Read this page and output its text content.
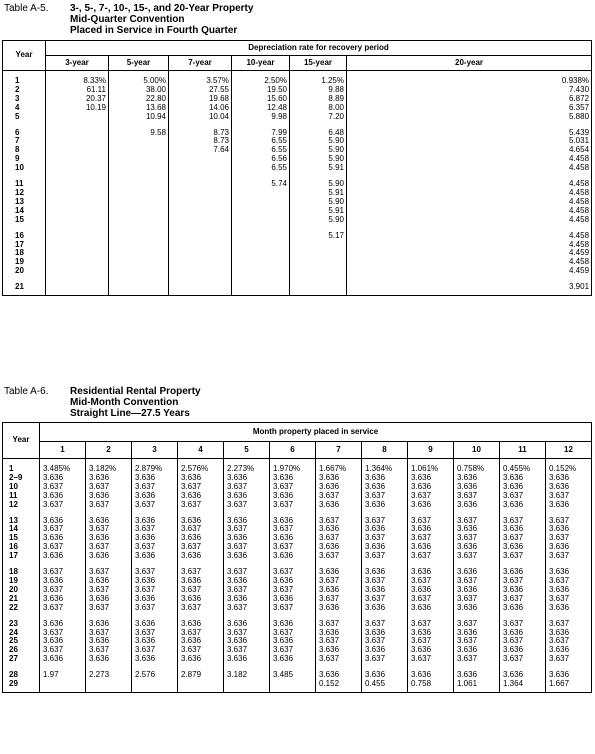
Table A-5. 3-, 5-, 7-, 10-, 15-, and 20-Year Property
Mid-Quarter Convention
Placed in Service in Fourth Quarter
Year	Depreciation rate for recovery period						
	3-year	5-year	7-year	10-year	15-year	20-year	

1	8.33%	5.00%	3.57%	2.50%	1.25%	0.938%	
2	61.11	38.00	27.55	19.50	9.88	7.430	
3	20.37	22.80	19.68	15.60	8.89	6.872	
4	10.19	13.68	14.06	12.48	8.00	6.357	
5		10.94	10.04	9.98	7.20	5.880	

6		9.58	8.73	7.99	6.48	5.439	
7			8.73	6.55	5.90	5.031	
8			7.64	6.55	5.90	4.654	
9				6.56	5.90	4.458	
10				6.55	5.91	4.458	

11				5.74	5.90	4.458	
12					5.91	4.458	
13					5.90	4.458	
14					5.91	4.458	
15					5.90	4.458	

16					5.17	4.458	
17						4.458	
18						4.459	
19						4.458	
20						4.459	

21						3.901	

Table A-6. Residential Rental Property
Mid-Month Convention
Straight Line—27.5 Years
Year	Month property placed in service											
	1	2	3	4	5	6	7	8	9	10	11	12

1	3.485%	3.182%	2.879%	2.576%	2.273%	1.970%	1.667%	1.364%	1.061%	0.758%	0.455%	0.152%
2–9	3.636	3.636	3.636	3.636	3.636	3.636	3.636	3.636	3.636	3.636	3.636	3.636
10	3.637	3.637	3.637	3.637	3.637	3.637	3.636	3.636	3.636	3.636	3.636	3.636
11	3.636	3.636	3.636	3.636	3.636	3.636	3.637	3.637	3.637	3.637	3.637	3.637
12	3.637	3.637	3.637	3.637	3.637	3.637	3.636	3.636	3.636	3.636	3.636	3.636

13	3.636	3.636	3.636	3.636	3.636	3.636	3.637	3.637	3.637	3.637	3.637	3.637
14	3.637	3.637	3.637	3.637	3.637	3.637	3.636	3.636	3.636	3.636	3.636	3.636
15	3.636	3.636	3.636	3.636	3.636	3.636	3.637	3.637	3.637	3.637	3.637	3.637
16	3.637	3.637	3.637	3.637	3.637	3.637	3.636	3.636	3.636	3.636	3.636	3.636
17	3.636	3.636	3.636	3.636	3.636	3.636	3.637	3.637	3.637	3.637	3.637	3.637

18	3.637	3.637	3.637	3.637	3.637	3.637	3.636	3.636	3.636	3.636	3.636	3.636
19	3.636	3.636	3.636	3.636	3.636	3.636	3.637	3.637	3.637	3.637	3.637	3.637
20	3.637	3.637	3.637	3.637	3.637	3.637	3.636	3.636	3.636	3.636	3.636	3.636
21	3.636	3.636	3.636	3.636	3.636	3.636	3.637	3.637	3.637	3.637	3.637	3.637
22	3.637	3.637	3.637	3.637	3.637	3.637	3.636	3.636	3.636	3.636	3.636	3.636

23	3.636	3.636	3.636	3.636	3.636	3.636	3.637	3.637	3.637	3.637	3.637	3.637
24	3.637	3.637	3.637	3.637	3.637	3.637	3.636	3.636	3.636	3.636	3.636	3.636
25	3.636	3.636	3.636	3.636	3.636	3.636	3.637	3.637	3.637	3.637	3.637	3.637
26	3.637	3.637	3.637	3.637	3.637	3.637	3.636	3.636	3.636	3.636	3.636	3.636
27	3.636	3.636	3.636	3.636	3.636	3.636	3.637	3.637	3.637	3.637	3.637	3.637

28	1.97	2.273	2.576	2.879	3.182	3.485	3.636	3.636	3.636	3.636	3.636	3.636
29							0.152	0.455	0.758	1.061	1.364	1.667
